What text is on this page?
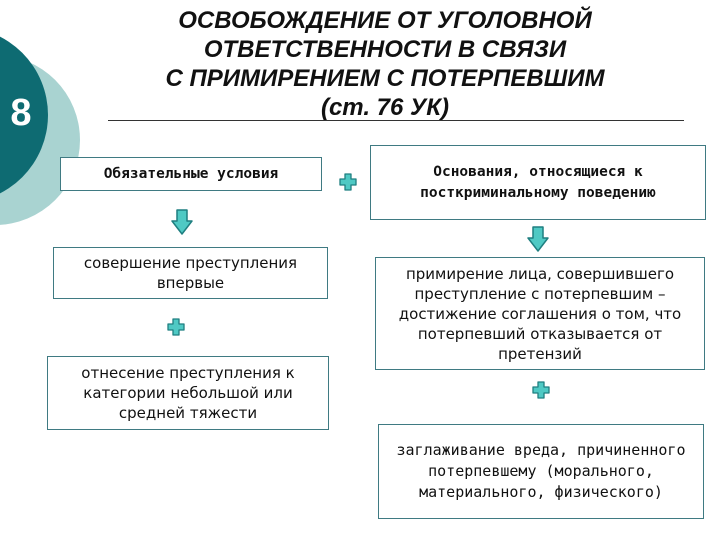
8
ОСВОБОЖДЕНИЕ ОТ УГОЛОВНОЙ
ОТВЕТСТВЕННОСТИ В СВЯЗИ
С ПРИМИРЕНИЕМ С ПОТЕРПЕВШИМ
(ст. 76 УК)
Обязательные условия
совершение преступления впервые
отнесение преступления к категории небольшой или средней тяжести
Основания, относящиеся к посткриминальному поведению
примирение лица, совершившего преступление с потерпевшим – достижение соглашения о том, что потерпевший отказывается от претензий
заглаживание вреда, причиненного потерпевшему (морального, материального, физического)
